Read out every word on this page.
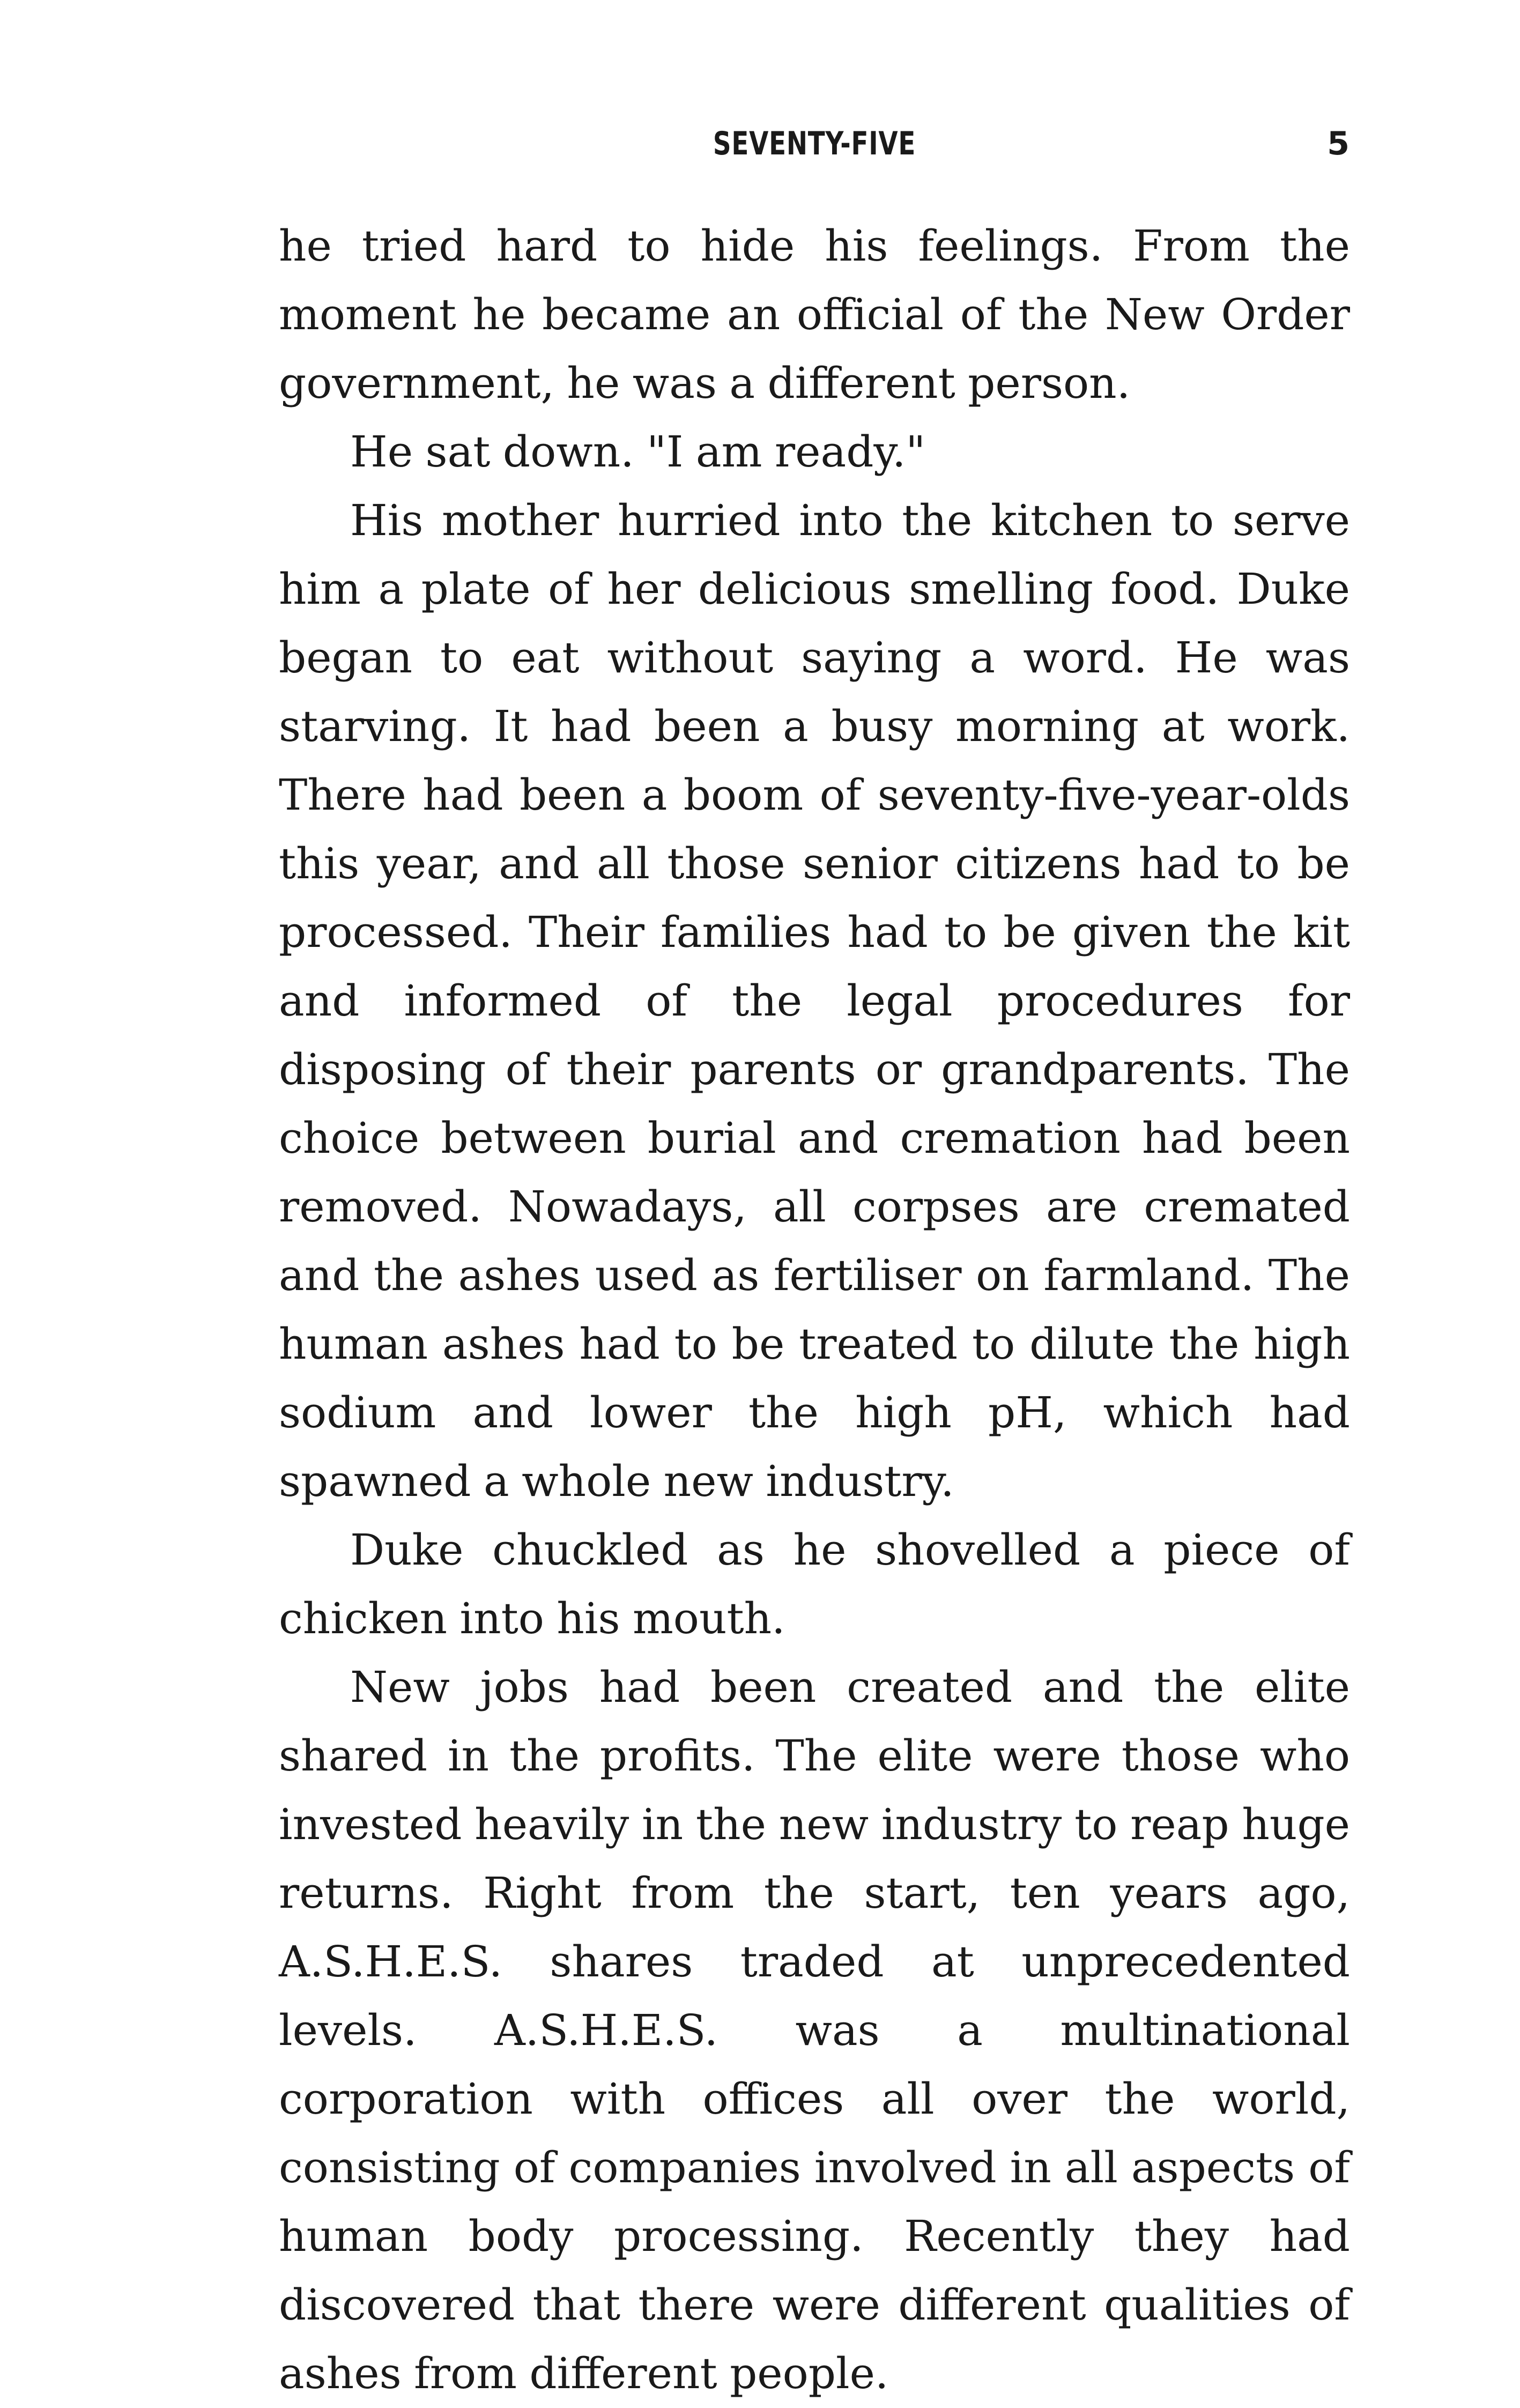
SEVENTY-FIVE	5

he tried hard to hide his feelings. From the moment he became an official of the New Order government, he was a different person.

He sat down. "I am ready."

His mother hurried into the kitchen to serve him a plate of her delicious smelling food. Duke began to eat without saying a word. He was starving. It had been a busy morning at work. There had been a boom of seventy-five-year-olds this year, and all those senior citizens had to be processed. Their families had to be given the kit and informed of the legal procedures for disposing of their parents or grandparents. The choice between burial and cremation had been removed. Nowadays, all corpses are cremated and the ashes used as fertiliser on farmland. The human ashes had to be treated to dilute the high sodium and lower the high pH, which had spawned a whole new industry.

Duke chuckled as he shovelled a piece of chicken into his mouth.

New jobs had been created and the elite shared in the profits. The elite were those who invested heavily in the new industry to reap huge returns. Right from the start, ten years ago, A.S.H.E.S. shares traded at unprecedented levels. A.S.H.E.S. was a multinational corporation with offices all over the world, consisting of companies involved in all aspects of human body processing. Recently they had discovered that there were different qualities of ashes from different people.
